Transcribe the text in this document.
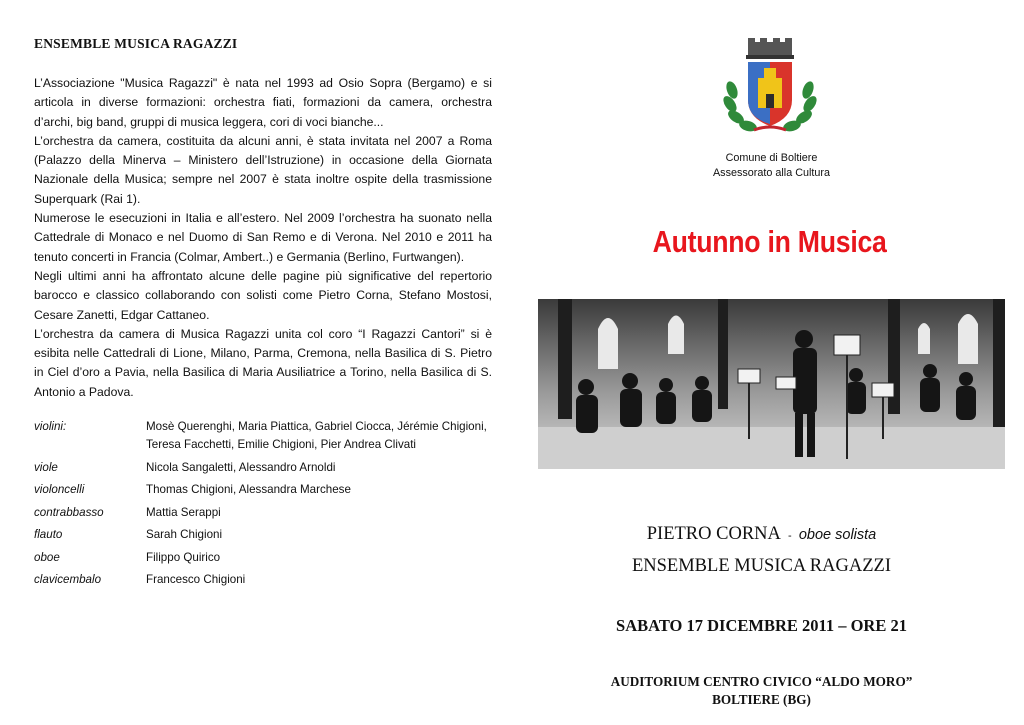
ENSEMBLE MUSICA RAGAZZI

L’Associazione "Musica Ragazzi" è nata nel 1993 ad Osio Sopra (Bergamo) e si articola in diverse formazioni: orchestra fiati, formazioni da camera, orchestra d’archi, big band, gruppi di musica leggera, cori di voci bianche...

L’orchestra da camera, costituita da alcuni anni, è stata invitata nel 2007 a Roma (Palazzo della Minerva – Ministero dell’Istruzione) in occasione della Giornata Nazionale della Musica; sempre nel 2007 è stata inoltre ospite della trasmissione Superquark (Rai 1).

Numerose le esecuzioni in Italia e all’estero. Nel 2009 l’orchestra ha suonato nella Cattedrale di Monaco e nel Duomo di San Remo e di Verona. Nel 2010 e 2011 ha tenuto concerti in Francia (Colmar, Ambert..) e Germania (Berlino, Furtwangen).

Negli ultimi anni ha affrontato alcune delle pagine più significative del repertorio barocco e classico collaborando con solisti come Pietro Corna, Stefano Mostosi, Cesare Zanetti, Edgar Cattaneo.

L’orchestra da camera di Musica Ragazzi unita col coro “I Ragazzi Cantori” si è esibita nelle Cattedrali di Lione, Milano, Parma, Cremona, nella Basilica di S. Pietro in Ciel d’oro a Pavia, nella Basilica di Maria Ausiliatrice a Torino, nella Basilica di S. Antonio a Padova.

violini:	Mosè Querenghi, Maria Piattica, Gabriel Ciocca, Jérémie Chigioni,
Teresa Facchetti, Emilie Chigioni, Pier Andrea Clivati
viole	Nicola Sangaletti, Alessandro Arnoldi
violoncelli	Thomas Chigioni, Alessandra Marchese
contrabbasso	Mattia Serappi
flauto	Sarah Chigioni
oboe	Filippo Quirico
clavicembalo	Francesco Chigioni
Comune di Boltiere
Assessorato alla Cultura
Autunno in Musica
PIETRO CORNA - oboe solista
ENSEMBLE MUSICA RAGAZZI
SABATO 17 DICEMBRE 2011 – ORE 21
AUDITORIUM CENTRO CIVICO “ALDO MORO”
BOLTIERE (BG)
